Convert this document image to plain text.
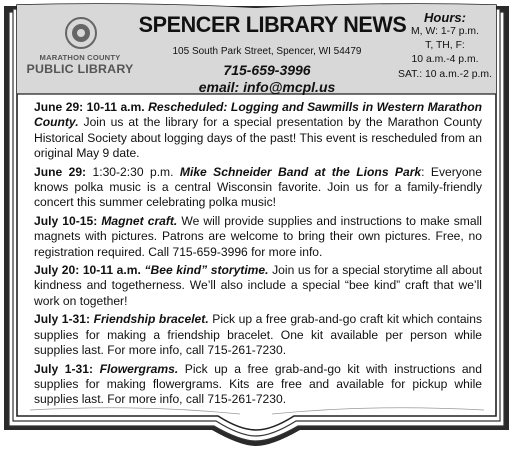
MARATHON COUNTY
PUBLIC LIBRARY
SPENCER LIBRARY NEWS
105 South Park Street, Spencer, WI 54479
715-659-3996
email: info@mcpl.us
Hours:
M, W: 1-7 p.m.
T, TH, F:
10 a.m.-4 p.m.
SAT.: 10 a.m.-2 p.m.

June 29: 10-11 a.m. Rescheduled: Logging and Sawmills in Western Marathon County. Join us at the library for a special presentation by the Marathon County Historical Society about logging days of the past! This event is rescheduled from an original May 9 date.

June 29: 1:30-2:30 p.m. Mike Schneider Band at the Lions Park: Everyone knows polka music is a central Wisconsin favorite. Join us for a family-friendly concert this summer celebrating polka music!

July 10-15: Magnet craft. We will provide supplies and instructions to make small magnets with pictures. Patrons are welcome to bring their own pictures. Free, no registration required. Call 715-659-3996 for more info.

July 20: 10-11 a.m. “Bee kind” storytime. Join us for a special storytime all about kindness and togetherness. We’ll also include a special “bee kind” craft that we’ll work on together!

July 1-31: Friendship bracelet. Pick up a free grab-and-go craft kit which contains supplies for making a friendship bracelet. One kit available per person while supplies last. For more info, call 715-261-7230.

July 1-31: Flowergrams. Pick up a free grab-and-go kit with instructions and supplies for making flowergrams. Kits are free and available for pickup while supplies last. For more info, call 715-261-7230.
